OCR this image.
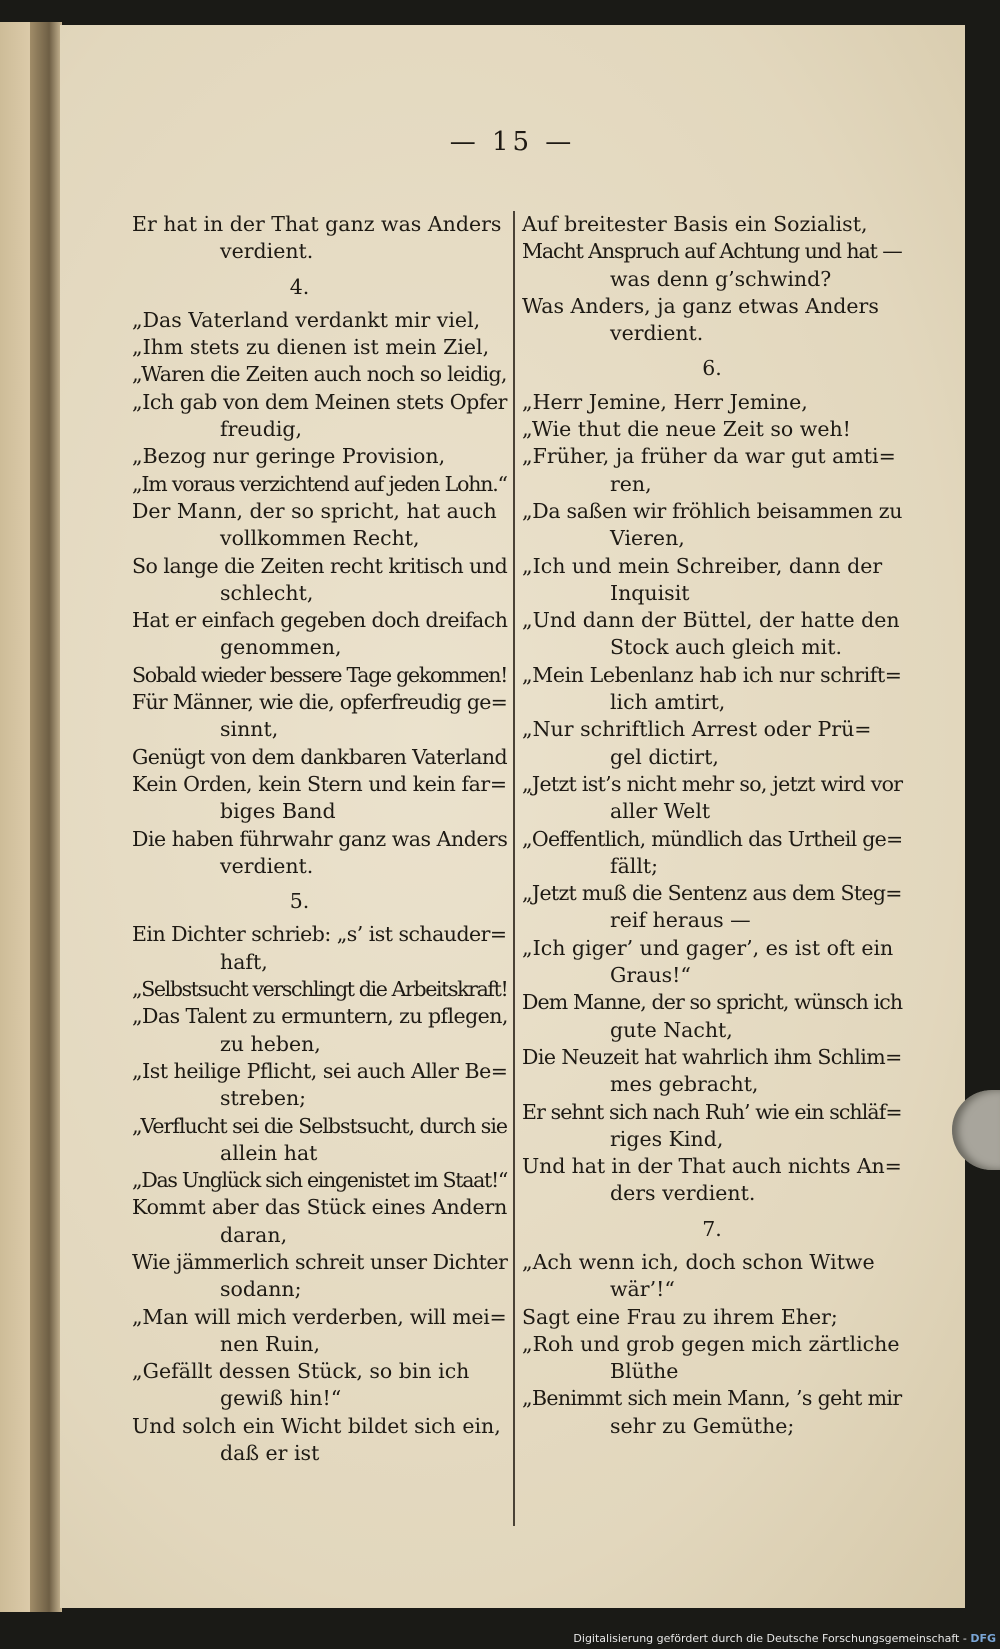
— 15 —
Er hat in der That ganz was Anders
verdient.
4.
„Das Vaterland verdankt mir viel,
„Ihm stets zu dienen ist mein Ziel,
„Waren die Zeiten auch noch so leidig,
„Ich gab von dem Meinen stets Opfer
freudig,
„Bezog nur geringe Provision,
„Im voraus verzichtend auf jeden Lohn.“
Der Mann, der so spricht, hat auch
vollkommen Recht,
So lange die Zeiten recht kritisch und
schlecht,
Hat er einfach gegeben doch dreifach
genommen,
Sobald wieder bessere Tage gekommen!
Für Männer, wie die, opferfreudig ge=
sinnt,
Genügt von dem dankbaren Vaterland
Kein Orden, kein Stern und kein far=
biges Band
Die haben führwahr ganz was Anders
verdient.
5.
Ein Dichter schrieb: „s’ ist schauder=
haft,
„Selbstsucht verschlingt die Arbeitskraft!
„Das Talent zu ermuntern, zu pflegen,
zu heben,
„Ist heilige Pflicht, sei auch Aller Be=
streben;
„Verflucht sei die Selbstsucht, durch sie
allein hat
„Das Unglück sich eingenistet im Staat!“
Kommt aber das Stück eines Andern
daran,
Wie jämmerlich schreit unser Dichter
sodann;
„Man will mich verderben, will mei=
nen Ruin,
„Gefällt dessen Stück, so bin ich
gewiß hin!“
Und solch ein Wicht bildet sich ein,
daß er ist
Auf breitester Basis ein Sozialist,
Macht Anspruch auf Achtung und hat —
was denn g’schwind?
Was Anders, ja ganz etwas Anders
verdient.
6.
„Herr Jemine, Herr Jemine,
„Wie thut die neue Zeit so weh!
„Früher, ja früher da war gut amti=
ren,
„Da saßen wir fröhlich beisammen zu
Vieren,
„Ich und mein Schreiber, dann der
Inquisit
„Und dann der Büttel, der hatte den
Stock auch gleich mit.
„Mein Lebenlanz hab ich nur schrift=
lich amtirt,
„Nur schriftlich Arrest oder Prü=
gel dictirt,
„Jetzt ist’s nicht mehr so, jetzt wird vor
aller Welt
„Oeffentlich, mündlich das Urtheil ge=
fällt;
„Jetzt muß die Sentenz aus dem Steg=
reif heraus —
„Ich giger’ und gager’, es ist oft ein
Graus!“
Dem Manne, der so spricht, wünsch ich
gute Nacht,
Die Neuzeit hat wahrlich ihm Schlim=
mes gebracht,
Er sehnt sich nach Ruh’ wie ein schläf=
riges Kind,
Und hat in der That auch nichts An=
ders verdient.
7.
„Ach wenn ich, doch schon Witwe
wär’!“
Sagt eine Frau zu ihrem Eher;
„Roh und grob gegen mich zärtliche
Blüthe
„Benimmt sich mein Mann, ’s geht mir
sehr zu Gemüthe;
Digitalisierung gefördert durch die Deutsche Forschungsgemeinschaft - DFG
